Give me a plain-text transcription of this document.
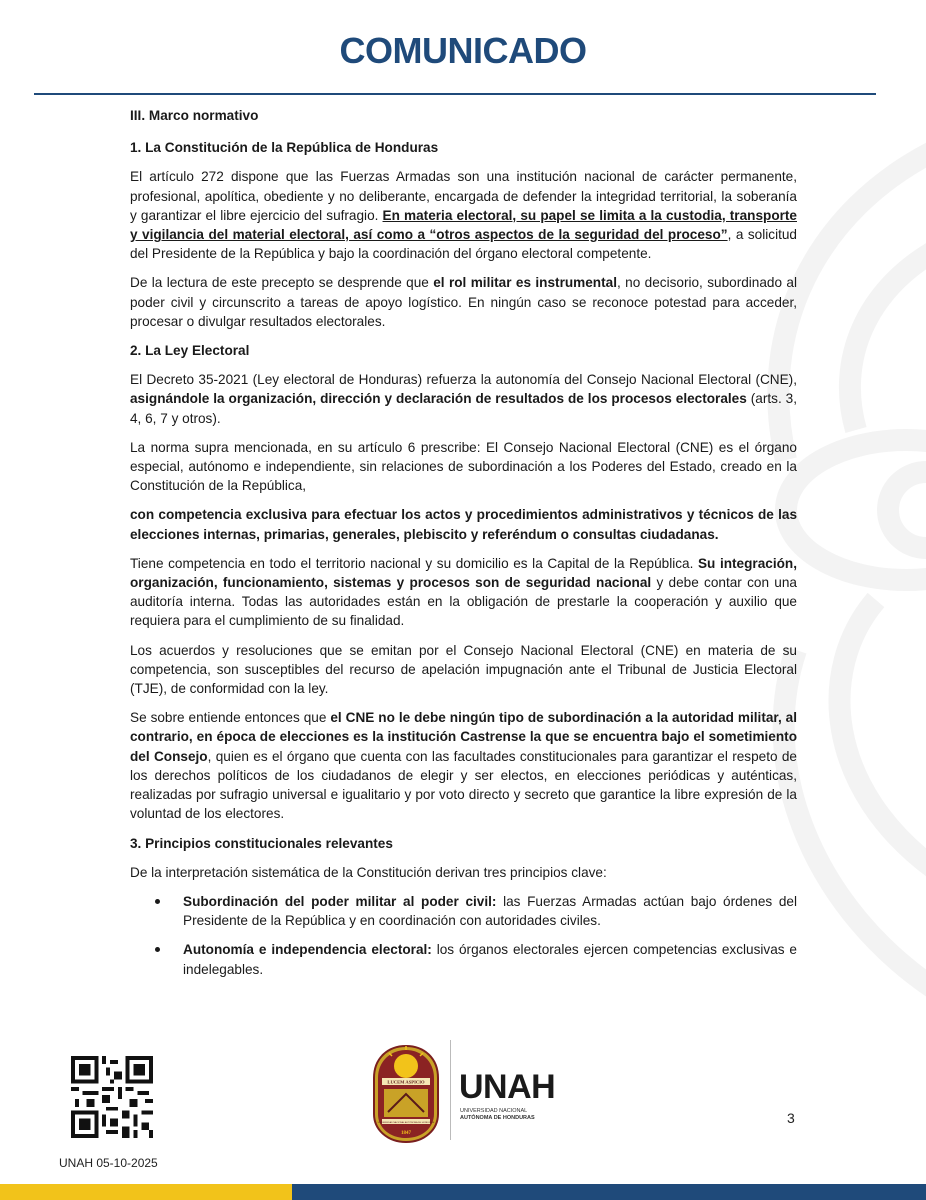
COMUNICADO
III. Marco normativo
1. La Constitución de la República de Honduras

El artículo 272 dispone que las Fuerzas Armadas son una institución nacional de carácter permanente, profesional, apolítica, obediente y no deliberante, encargada de defender la integridad territorial, la soberanía y garantizar el libre ejercicio del sufragio. En materia electoral, su papel se limita a la custodia, transporte y vigilancia del material electoral, así como a “otros aspectos de la seguridad del proceso”, a solicitud del Presidente de la República y bajo la coordinación del órgano electoral competente.

De la lectura de este precepto se desprende que el rol militar es instrumental, no decisorio, subordinado al poder civil y circunscrito a tareas de apoyo logístico. En ningún caso se reconoce potestad para acceder, procesar o divulgar resultados electorales.

2. La Ley Electoral

El Decreto 35-2021 (Ley electoral de Honduras) refuerza la autonomía del Consejo Nacional Electoral (CNE), asignándole la organización, dirección y declaración de resultados de los procesos electorales (arts. 3, 4, 6, 7 y otros).

La norma supra mencionada, en su artículo 6 prescribe: El Consejo Nacional Electoral (CNE) es el órgano especial, autónomo e independiente, sin relaciones de subordinación a los Poderes del Estado, creado en la Constitución de la República,

con competencia exclusiva para efectuar los actos y procedimientos administrativos y técnicos de las elecciones internas, primarias, generales, plebiscito y referéndum o consultas ciudadanas.

Tiene competencia en todo el territorio nacional y su domicilio es la Capital de la República. Su integración, organización, funcionamiento, sistemas y procesos son de seguridad nacional y debe contar con una auditoría interna. Todas las autoridades están en la obligación de prestarle la cooperación y auxilio que requiera para el cumplimiento de su finalidad.

Los acuerdos y resoluciones que se emitan por el Consejo Nacional Electoral (CNE) en materia de su competencia, son susceptibles del recurso de apelación impugnación ante el Tribunal de Justicia Electoral (TJE), de conformidad con la ley.

Se sobre entiende entonces que el CNE no le debe ningún tipo de subordinación a la autoridad militar, al contrario, en época de elecciones es la institución Castrense la que se encuentra bajo el sometimiento del Consejo, quien es el órgano que cuenta con las facultades constitucionales para garantizar el respeto de los derechos políticos de los ciudadanos de elegir y ser electos, en elecciones periódicas y auténticas, realizadas por sufragio universal e igualitario y por voto directo y secreto que garantice la libre expresión de la voluntad de los electores.

3. Principios constitucionales relevantes

De la interpretación sistemática de la Constitución derivan tres principios clave:

Subordinación del poder militar al poder civil: las Fuerzas Armadas actúan bajo órdenes del Presidente de la República y en coordinación con autoridades civiles.
Autonomía e independencia electoral: los órganos electorales ejercen competencias exclusivas e indelegables.
UNAH 05-10-2025
LUCEM ASPICIO
UNIVERSIDAD NACIONAL AUTÓNOMA DE HONDURAS
1847
UNAH
UNIVERSIDAD NACIONAL
AUTÓNOMA DE HONDURAS	3
